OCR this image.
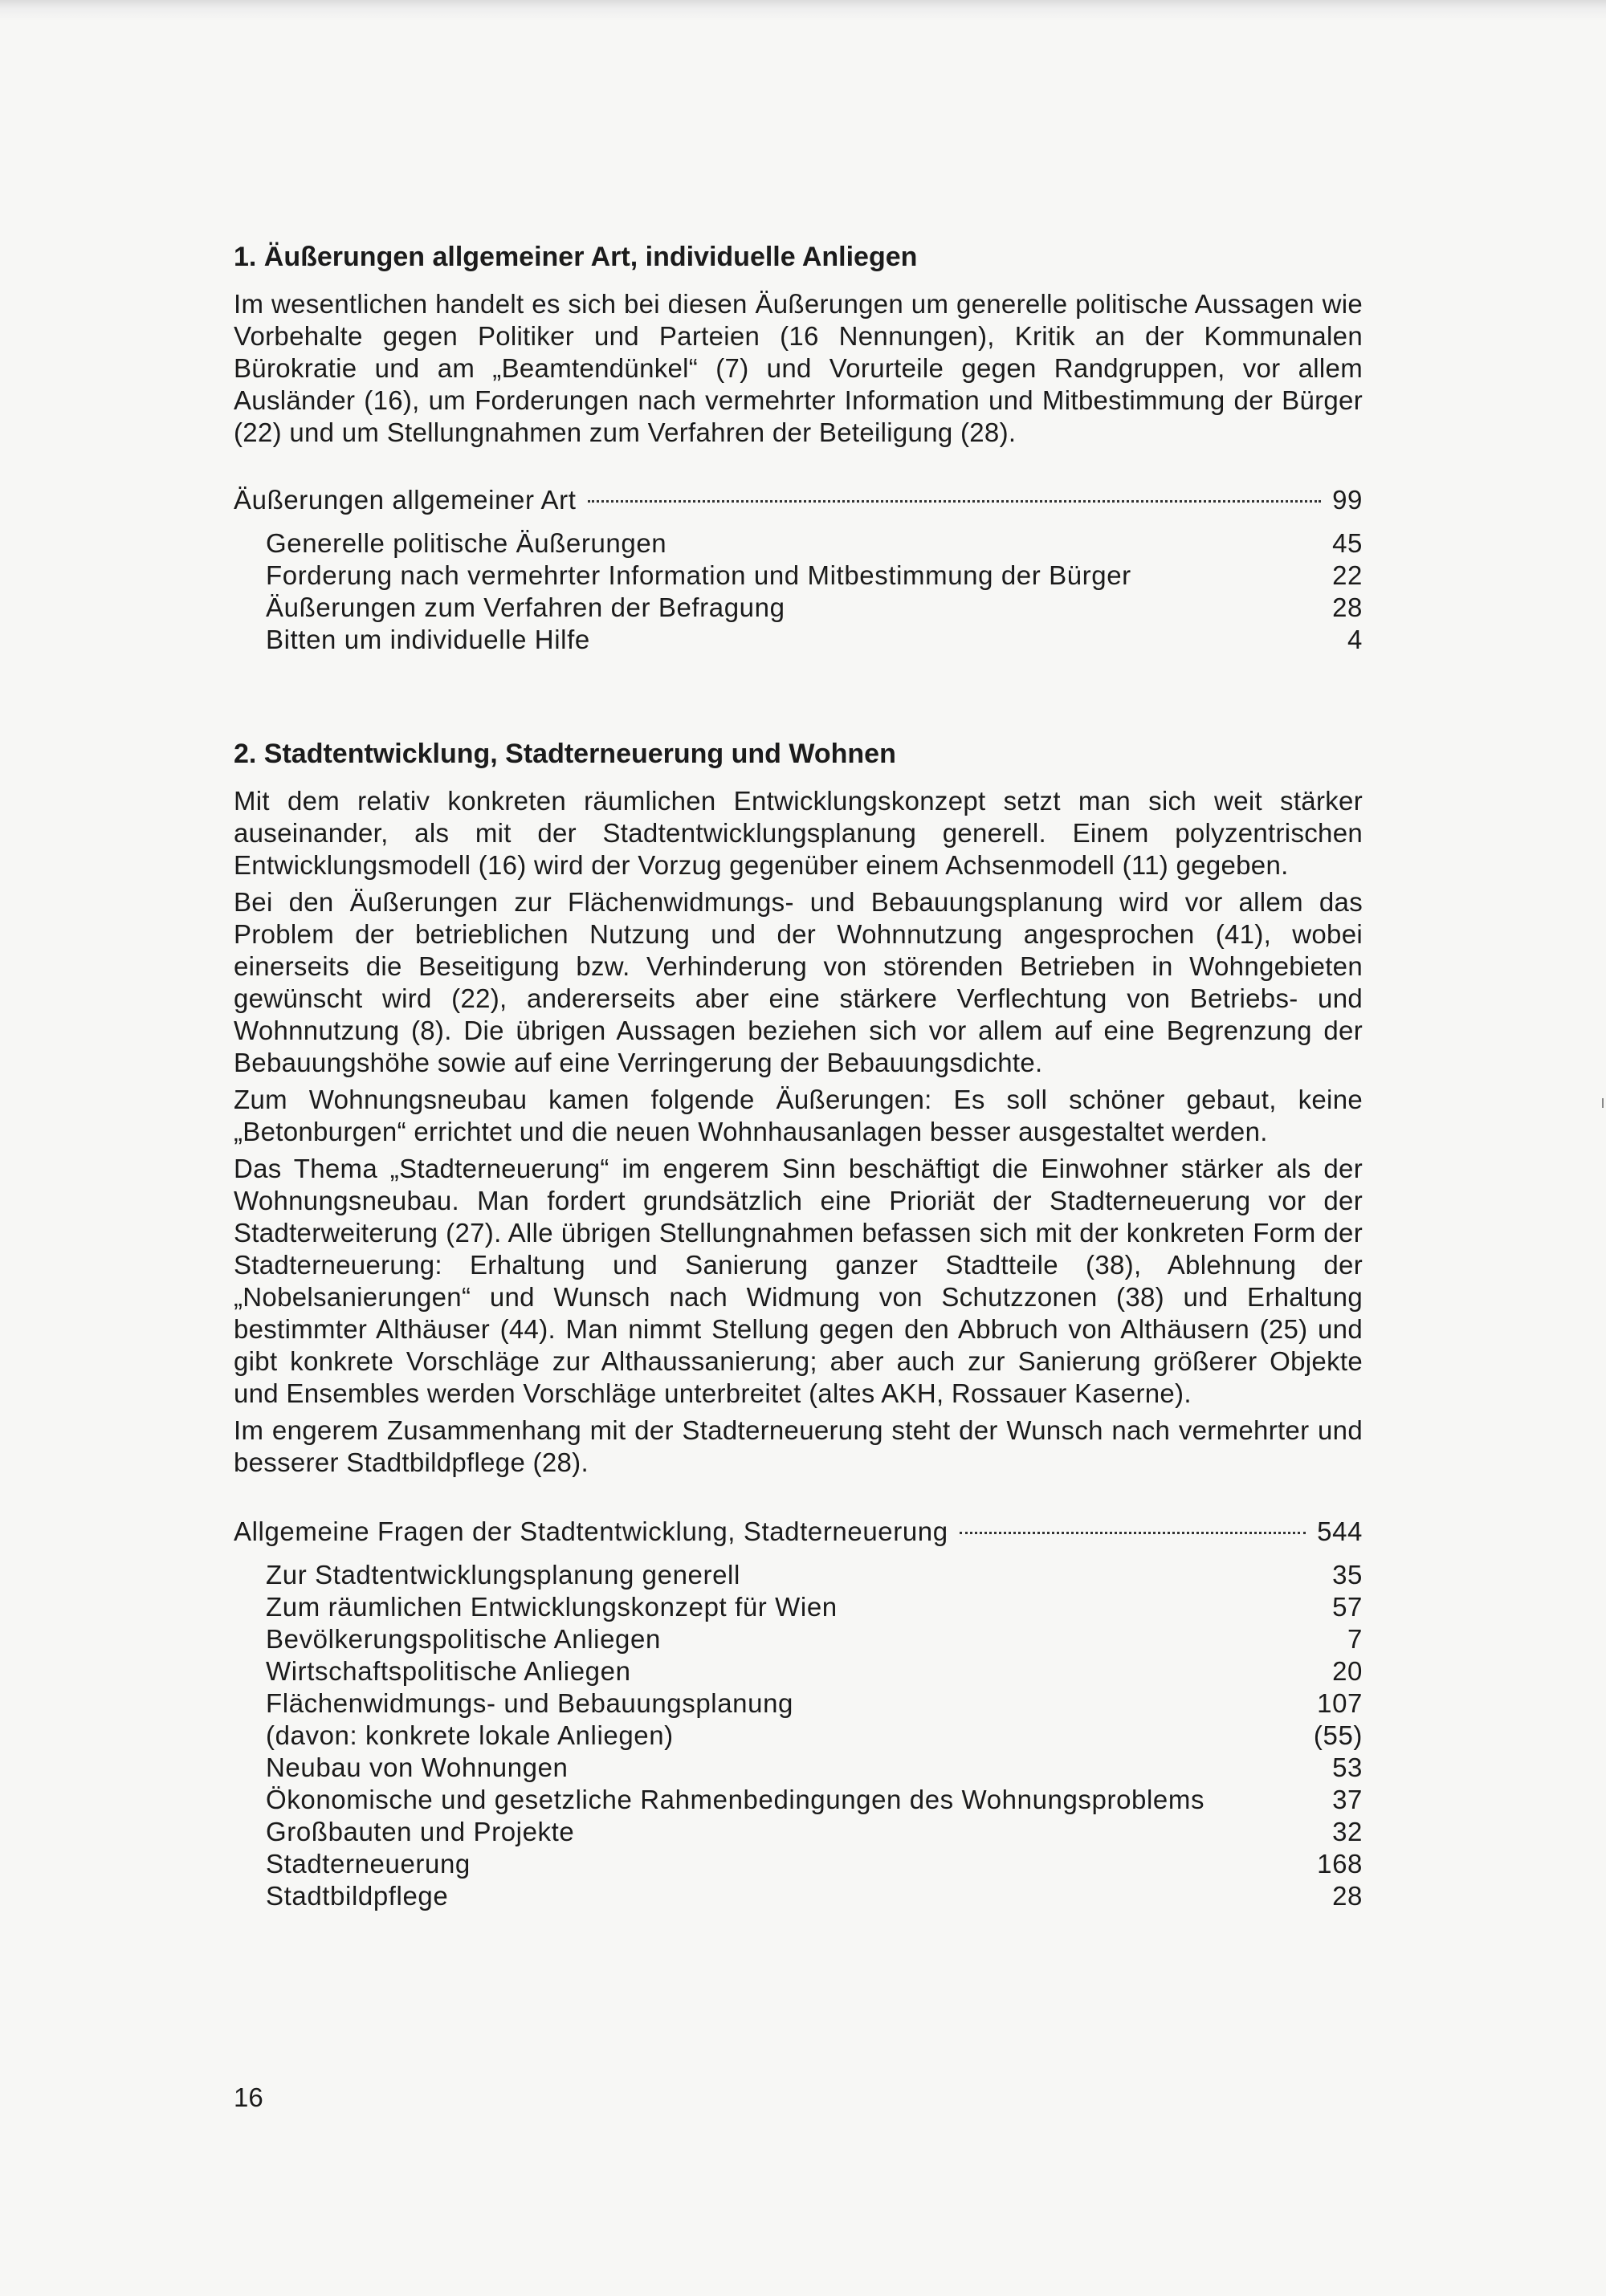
1. Äußerungen allgemeiner Art, individuelle Anliegen

Im wesentlichen handelt es sich bei diesen Äußerungen um generelle politische Aussagen wie Vorbehalte gegen Politiker und Parteien (16 Nennungen), Kritik an der Kommunalen Bürokratie und am „Beamtendünkel“ (7) und Vorurteile gegen Randgruppen, vor allem Ausländer (16), um Forderungen nach vermehrter Information und Mitbestimmung der Bürger (22) und um Stellungnahmen zum Verfahren der Beteiligung (28).

Äußerungen allgemeiner Art	99
Generelle politische Äußerungen	45
Forderung nach vermehrter Information und Mitbestimmung der Bürger	22
Äußerungen zum Verfahren der Befragung	28
Bitten um individuelle Hilfe	4
2. Stadtentwicklung, Stadterneuerung und Wohnen

Mit dem relativ konkreten räumlichen Entwicklungskonzept setzt man sich weit stärker auseinander, als mit der Stadtentwicklungsplanung generell. Einem polyzentrischen Entwicklungsmodell (16) wird der Vorzug gegenüber einem Achsenmodell (11) gegeben.

Bei den Äußerungen zur Flächenwidmungs- und Bebauungsplanung wird vor allem das Problem der betrieblichen Nutzung und der Wohnnutzung angesprochen (41), wobei einerseits die Beseitigung bzw. Verhinderung von störenden Betrieben in Wohngebieten gewünscht wird (22), andererseits aber eine stärkere Verflechtung von Betriebs- und Wohnnutzung (8). Die übrigen Aussagen beziehen sich vor allem auf eine Begrenzung der Bebauungshöhe sowie auf eine Verringerung der Bebauungsdichte.

Zum Wohnungsneubau kamen folgende Äußerungen: Es soll schöner gebaut, keine „Betonburgen“ errichtet und die neuen Wohnhausanlagen besser ausgestaltet werden.

Das Thema „Stadterneuerung“ im engerem Sinn beschäftigt die Einwohner stärker als der Wohnungsneubau. Man fordert grundsätzlich eine Prioriät der Stadterneuerung vor der Stadterweiterung (27). Alle übrigen Stellungnahmen befassen sich mit der konkreten Form der Stadterneuerung: Erhaltung und Sanierung ganzer Stadtteile (38), Ablehnung der „Nobelsanierungen“ und Wunsch nach Widmung von Schutzzonen (38) und Erhaltung bestimmter Althäuser (44). Man nimmt Stellung gegen den Abbruch von Althäusern (25) und gibt konkrete Vorschläge zur Althaussanierung; aber auch zur Sanierung größerer Objekte und Ensembles werden Vorschläge unterbreitet (altes AKH, Rossauer Kaserne).

Im engerem Zusammenhang mit der Stadterneuerung steht der Wunsch nach vermehrter und besserer Stadtbildpflege (28).

Allgemeine Fragen der Stadtentwicklung, Stadterneuerung	544
Zur Stadtentwicklungsplanung generell	35
Zum räumlichen Entwicklungskonzept für Wien	57
Bevölkerungspolitische Anliegen	7
Wirtschaftspolitische Anliegen	20
Flächenwidmungs- und Bebauungsplanung	107
(davon: konkrete lokale Anliegen)	(55)
Neubau von Wohnungen	53
Ökonomische und gesetzliche Rahmenbedingungen des Wohnungsproblems	37
Großbauten und Projekte	32
Stadterneuerung	168
Stadtbildpflege	28
16
